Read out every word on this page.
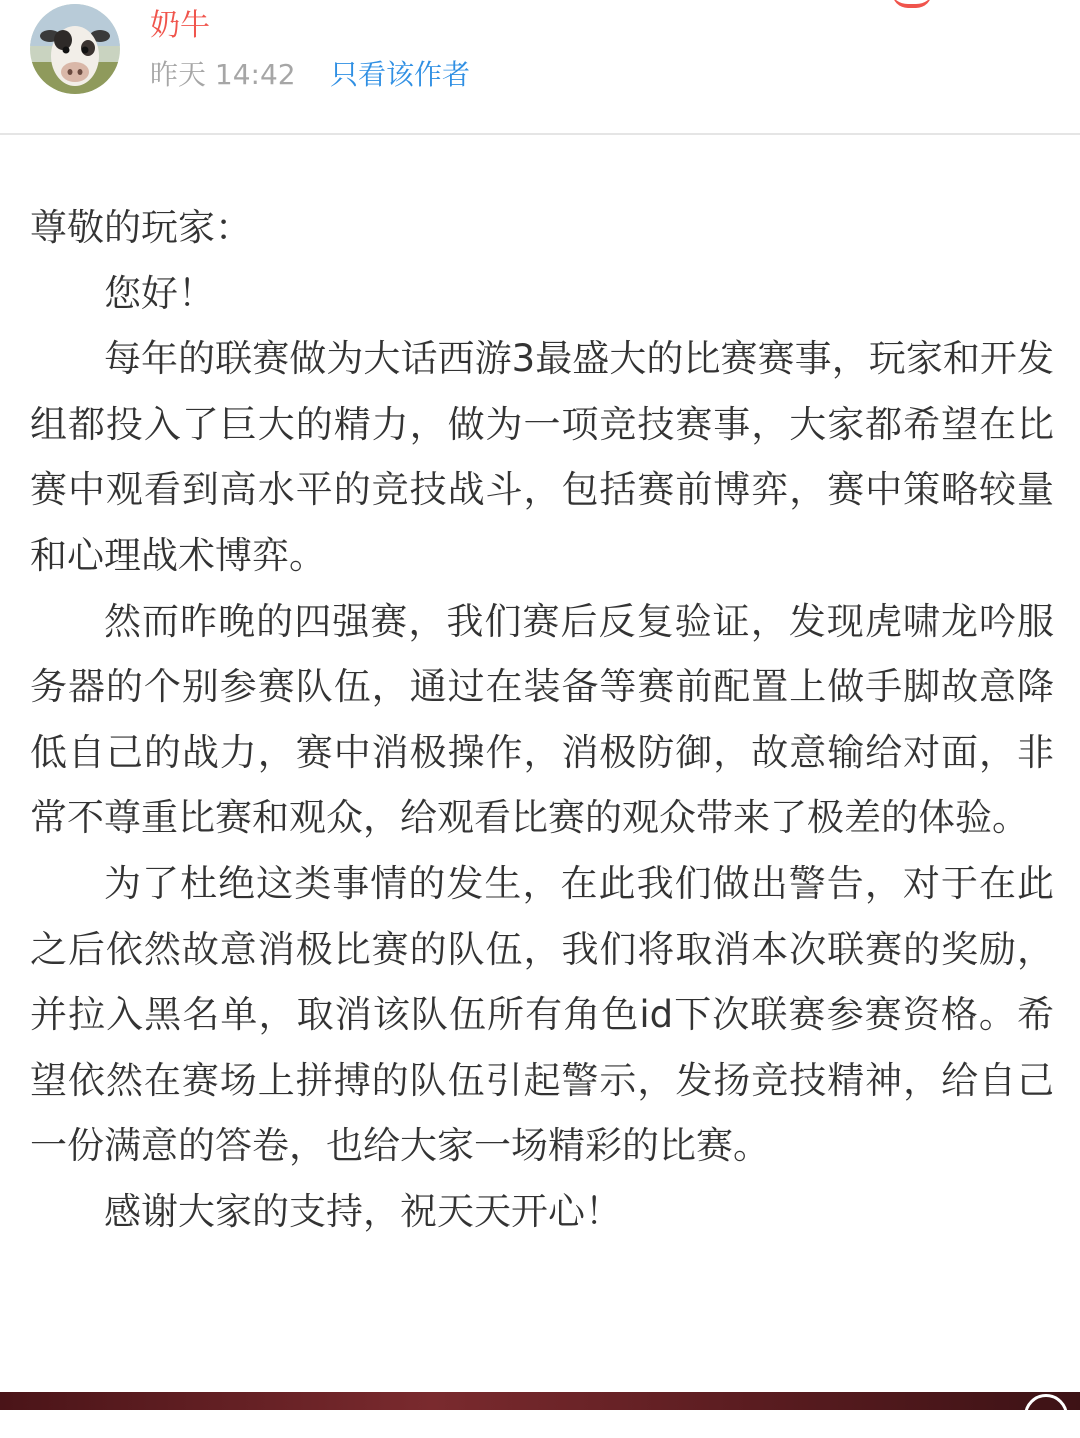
奶牛
昨天 14:42 只看该作者

尊敬的玩家：

您好！

每年的联赛做为大话西游3最盛大的比赛赛事，玩家和开发组都投入了巨大的精力，做为一项竞技赛事，大家都希望在比赛中观看到高水平的竞技战斗，包括赛前博弈，赛中策略较量和心理战术博弈。

然而昨晚的四强赛，我们赛后反复验证，发现虎啸龙吟服务器的个别参赛队伍，通过在装备等赛前配置上做手脚故意降低自己的战力，赛中消极操作，消极防御，故意输给对面，非常不尊重比赛和观众，给观看比赛的观众带来了极差的体验。

为了杜绝这类事情的发生，在此我们做出警告，对于在此之后依然故意消极比赛的队伍，我们将取消本次联赛的奖励，并拉入黑名单，取消该队伍所有角色id下次联赛参赛资格。希望依然在赛场上拼搏的队伍引起警示，发扬竞技精神，给自己一份满意的答卷，也给大家一场精彩的比赛。

感谢大家的支持，祝天天开心！
